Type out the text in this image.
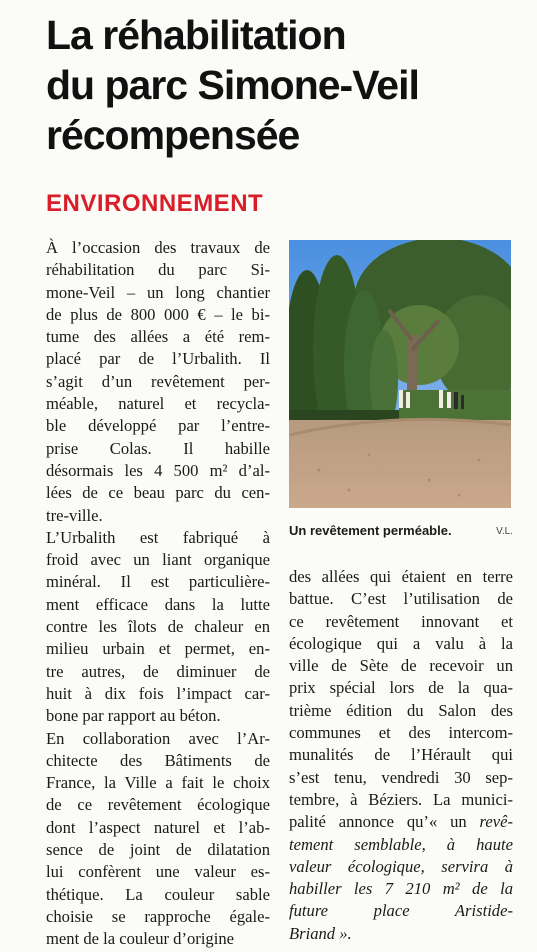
La réhabilitation
du parc Simone-Veil
récompensée
ENVIRONNEMENT
À l’occasion des travaux de
réhabilitation du parc Si-
mone-Veil – un long chantier
de plus de 800 000 € – le bi-
tume des allées a été rem-
placé par de l’Urbalith. Il
s’agit d’un revêtement per-
méable, naturel et recycla-
ble développé par l’entre-
prise Colas. Il habille
désormais les 4 500 m² d’al-
lées de ce beau parc du cen-
tre-ville.
L’Urbalith est fabriqué à
froid avec un liant organique
minéral. Il est particulière-
ment efficace dans la lutte
contre les îlots de chaleur en
milieu urbain et permet, en-
tre autres, de diminuer de
huit à dix fois l’impact car-
bone par rapport au béton.
En collaboration avec l’Ar-
chitecte des Bâtiments de
France, la Ville a fait le choix
de ce revêtement écologique
dont l’aspect naturel et l’ab-
sence de joint de dilatation
lui confèrent une valeur es-
thétique. La couleur sable
choisie se rapproche égale-
ment de la couleur d’origine
Un revêtement perméable.	V.L.
des allées qui étaient en terre
battue. C’est l’utilisation de
ce revêtement innovant et
écologique qui a valu à la
ville de Sète de recevoir un
prix spécial lors de la qua-
trième édition du Salon des
communes et des intercom-
munalités de l’Hérault qui
s’est tenu, vendredi 30 sep-
tembre, à Béziers. La munici-
palité annonce qu’« un revê-
tement semblable, à haute
valeur écologique, servira à
habiller les 7 210 m² de la
future place Aristide-
Briand ».
